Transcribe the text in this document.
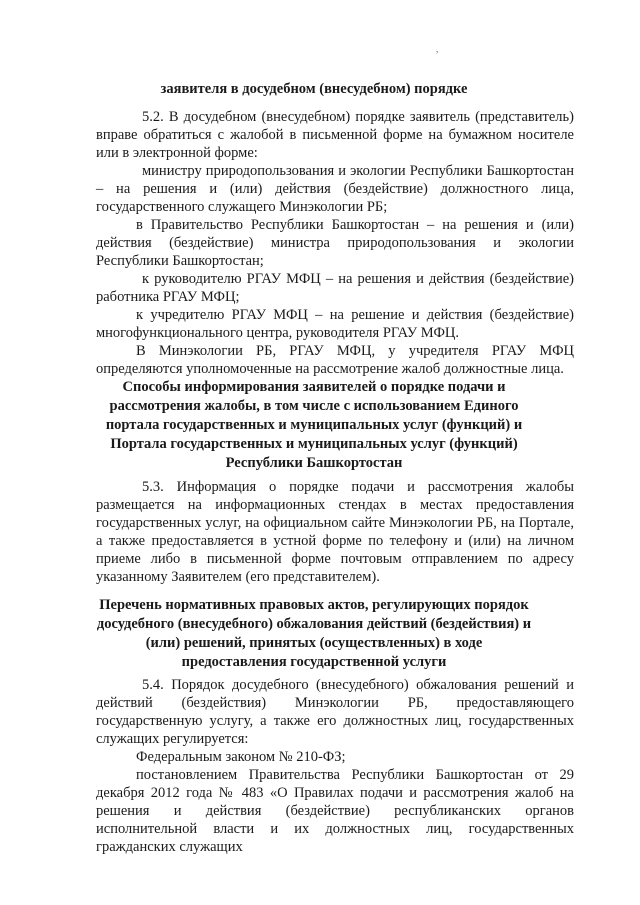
,
заявителя в досудебном (внесудебном) порядке
5.2. В досудебном (внесудебном) порядке заявитель (представитель) вправе обратиться с жалобой в письменной форме на бумажном носителе или в электронной форме:
министру природопользования и экологии Республики Башкортостан – на решения и (или) действия (бездействие) должностного лица, государственного служащего Минэкологии РБ;
в Правительство Республики Башкортостан – на решения и (или) действия (бездействие) министра природопользования и экологии Республики Башкортостан;
к руководителю РГАУ МФЦ – на решения и действия (бездействие) работника РГАУ МФЦ;
к учредителю РГАУ МФЦ – на решение и действия (бездействие) многофункционального центра, руководителя РГАУ МФЦ.
В Минэкологии РБ, РГАУ МФЦ, у учредителя РГАУ МФЦ определяются уполномоченные на рассмотрение жалоб должностные лица.
Способы информирования заявителей о порядке подачи и рассмотрения жалобы, в том числе с использованием Единого портала государственных и муниципальных услуг (функций) и Портала государственных и муниципальных услуг (функций) Республики Башкортостан
5.3. Информация о порядке подачи и рассмотрения жалобы размещается на информационных стендах в местах предоставления государственных услуг, на официальном сайте Минэкологии РБ, на Портале, а также предоставляется в устной форме по телефону и (или) на личном приеме либо в письменной форме почтовым отправлением по адресу указанному Заявителем (его представителем).
Перечень нормативных правовых актов, регулирующих порядок досудебного (внесудебного) обжалования действий (бездействия) и (или) решений, принятых (осуществленных) в ходе предоставления государственной услуги
5.4. Порядок досудебного (внесудебного) обжалования решений и действий (бездействия) Минэкологии РБ, предоставляющего государственную услугу, а также его должностных лиц, государственных служащих регулируется:
Федеральным законом № 210-ФЗ;
постановлением Правительства Республики Башкортостан от 29 декабря 2012 года № 483 «О Правилах подачи и рассмотрения жалоб на решения и действия (бездействие) республиканских органов исполнительной власти и их должностных лиц, государственных гражданских служащих
